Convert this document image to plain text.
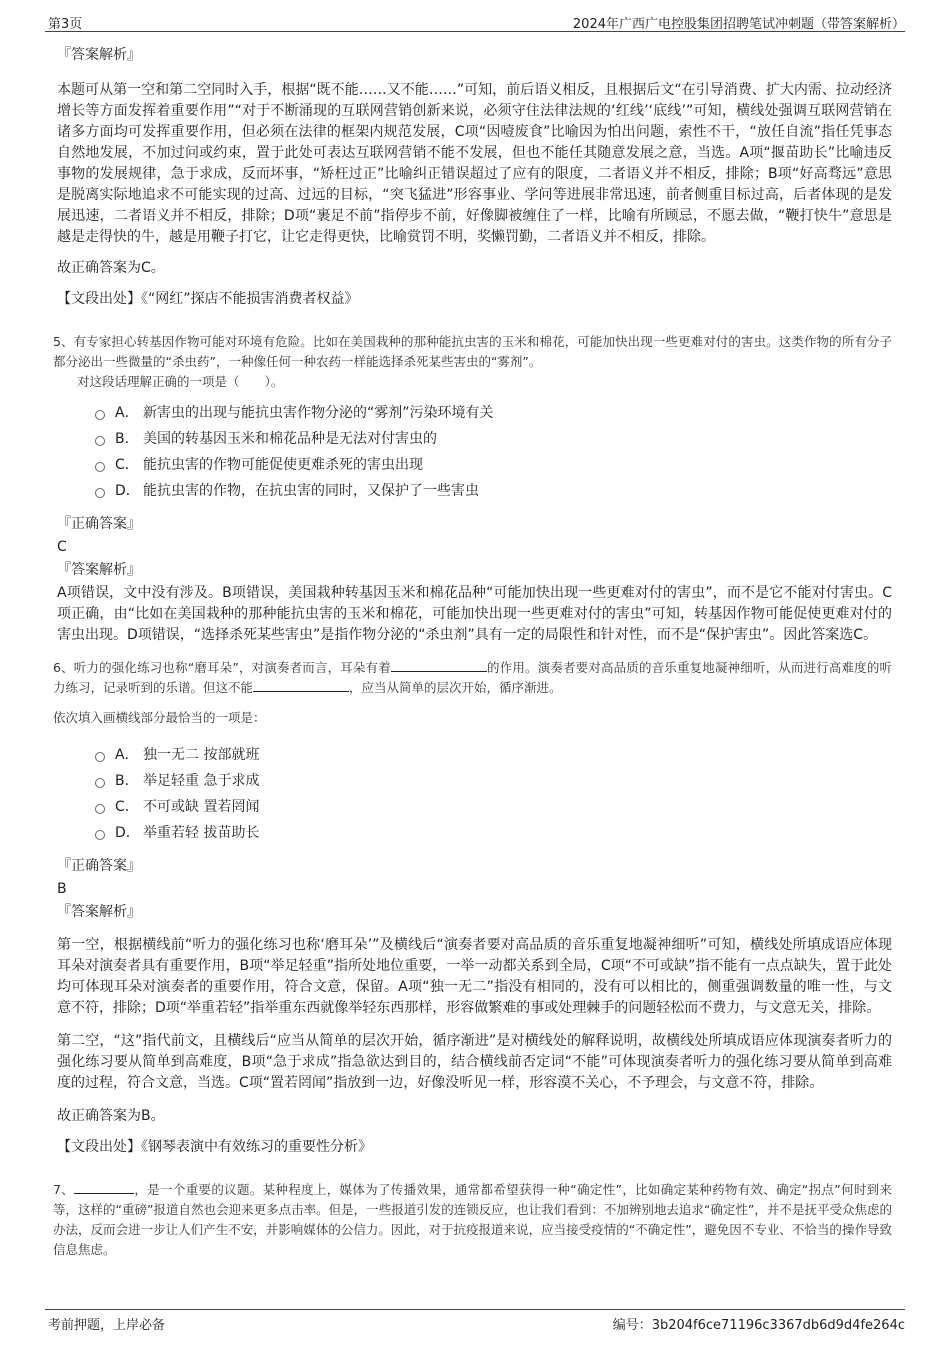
第3页	2024年广西广电控股集团招聘笔试冲刺题（带答案解析）
『答案解析』

本题可从第一空和第二空同时入手，根据“既不能……又不能……”可知，前后语义相反，且根据后文“在引导消费、扩大内需、拉动经济增长等方面发挥着重要作用”“对于不断涌现的互联网营销创新来说，必须守住法律法规的‘红线’‘底线’”可知，横线处强调互联网营销在诸多方面均可发挥重要作用，但必须在法律的框架内规范发展，C项“因噎废食”比喻因为怕出问题，索性不干，“放任自流”指任凭事态自然地发展，不加过问或约束，置于此处可表达互联网营销不能不发展，但也不能任其随意发展之意，当选。A项“揠苗助长”比喻违反事物的发展规律，急于求成，反而坏事，“矫枉过正”比喻纠正错误超过了应有的限度，二者语义并不相反，排除；B项“好高骛远”意思是脱离实际地追求不可能实现的过高、过远的目标，“突飞猛进”形容事业、学问等进展非常迅速，前者侧重目标过高，后者体现的是发展迅速，二者语义并不相反，排除；D项“裹足不前”指停步不前，好像脚被缠住了一样，比喻有所顾忌，不愿去做，“鞭打快牛”意思是越是走得快的牛，越是用鞭子打它，让它走得更快，比喻赏罚不明，奖懒罚勤，二者语义并不相反，排除。

故正确答案为C。

【文段出处】《“网红”探店不能损害消费者权益》

5、有专家担心转基因作物可能对环境有危险。比如在美国栽种的那种能抗虫害的玉米和棉花，可能加快出现一些更难对付的害虫。这类作物的所有分子都分泌出一些微量的“杀虫药”，一种像任何一种农药一样能选择杀死某些害虫的“雾剂”。

对这段话理解正确的一项是（　　）。

A． 新害虫的出现与能抗虫害作物分泌的“雾剂”污染环境有关
B． 美国的转基因玉米和棉花品种是无法对付害虫的
C． 能抗虫害的作物可能促使更难杀死的害虫出现
D． 能抗虫害的作物，在抗虫害的同时，又保护了一些害虫
『正确答案』
C
『答案解析』

A项错误，文中没有涉及。B项错误，美国栽种转基因玉米和棉花品种“可能加快出现一些更难对付的害虫”，而不是它不能对付害虫。C项正确，由“比如在美国栽种的那种能抗虫害的玉米和棉花，可能加快出现一些更难对付的害虫”可知，转基因作物可能促使更难对付的害虫出现。D项错误，“选择杀死某些害虫”是指作物分泌的“杀虫剂”具有一定的局限性和针对性，而不是“保护害虫”。因此答案选C。

6、听力的强化练习也称“磨耳朵”，对演奏者而言，耳朵有着	的作用。演奏者要对高品质的音乐重复地凝神细听，从而进行高难度的听力练习，记录听到的乐谱。但这不能	，应当从简单的层次开始，循序渐进。

依次填入画横线部分最恰当的一项是：

A． 独一无二 按部就班
B． 举足轻重 急于求成
C． 不可或缺 置若罔闻
D． 举重若轻 拔苗助长
『正确答案』
B
『答案解析』

第一空，根据横线前“听力的强化练习也称‘磨耳朵’”及横线后“演奏者要对高品质的音乐重复地凝神细听”可知，横线处所填成语应体现耳朵对演奏者具有重要作用，B项“举足轻重”指所处地位重要，一举一动都关系到全局，C项“不可或缺”指不能有一点点缺失，置于此处均可体现耳朵对演奏者的重要作用，符合文意，保留。A项“独一无二”指没有相同的，没有可以相比的，侧重强调数量的唯一性，与文意不符，排除；D项“举重若轻”指举重东西就像举轻东西那样，形容做繁难的事或处理棘手的问题轻松而不费力，与文意无关，排除。

第二空，“这”指代前文，且横线后“应当从简单的层次开始，循序渐进”是对横线处的解释说明，故横线处所填成语应体现演奏者听力的强化练习要从简单到高难度，B项“急于求成”指急欲达到目的，结合横线前否定词“不能”可体现演奏者听力的强化练习要从简单到高难度的过程，符合文意，当选。C项“置若罔闻”指放到一边，好像没听见一样，形容漠不关心，不予理会，与文意不符，排除。

故正确答案为B。

【文段出处】《钢琴表演中有效练习的重要性分析》

7、	，是一个重要的议题。某种程度上，媒体为了传播效果，通常都希望获得一种“确定性”，比如确定某种药物有效、确定“拐点”何时到来等，这样的“重磅”报道自然也会迎来更多点击率。但是，一些报道引发的连锁反应，也让我们看到：不加辨别地去追求“确定性”，并不是抚平受众焦虑的办法，反而会进一步让人们产生不安，并影响媒体的公信力。因此，对于抗疫报道来说，应当接受疫情的“不确定性”，避免因不专业、不恰当的操作导致信息焦虑。

考前押题，上岸必备	编号：3b204f6ce71196c3367db6d9d4fe264c
